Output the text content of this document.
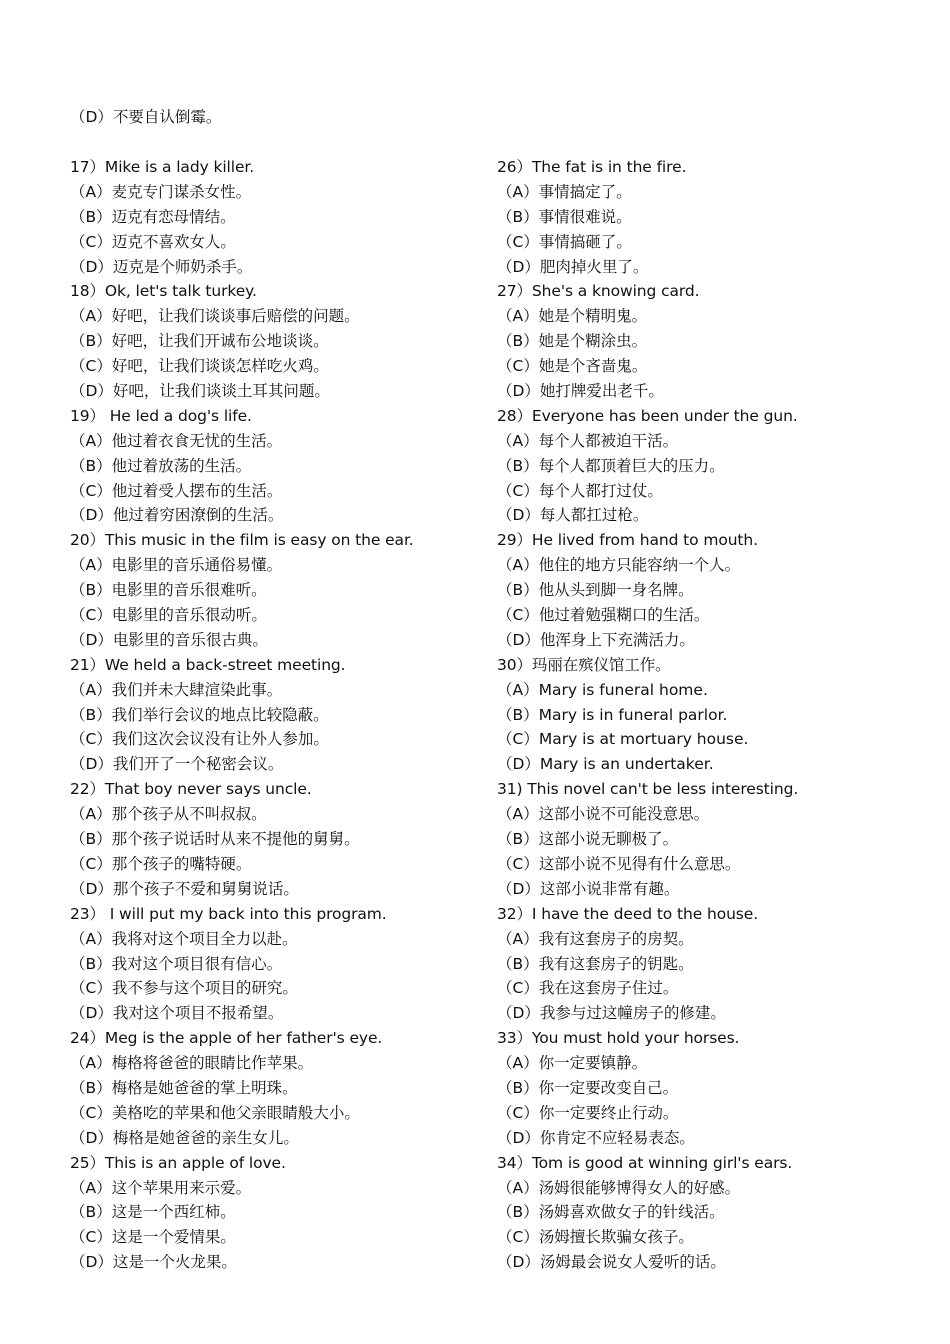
（D）不要自认倒霉。
17）Mike is a lady killer.
（A）麦克专门谋杀女性。
（B）迈克有恋母情结。
（C）迈克不喜欢女人。
（D）迈克是个师奶杀手。
18）Ok, let's talk turkey.
（A）好吧，让我们谈谈事后赔偿的问题。
（B）好吧，让我们开诚布公地谈谈。
（C）好吧，让我们谈谈怎样吃火鸡。
（D）好吧，让我们谈谈土耳其问题。
19） He led a dog's life.
（A）他过着衣食无忧的生活。
（B）他过着放荡的生活。
（C）他过着受人摆布的生活。
（D）他过着穷困潦倒的生活。
20）This music in the film is easy on the ear.
（A）电影里的音乐通俗易懂。
（B）电影里的音乐很难听。
（C）电影里的音乐很动听。
（D）电影里的音乐很古典。
21）We held a back-street meeting.
（A）我们并未大肆渲染此事。
（B）我们举行会议的地点比较隐蔽。
（C）我们这次会议没有让外人参加。
（D）我们开了一个秘密会议。
22）That boy never says uncle.
（A）那个孩子从不叫叔叔。
（B）那个孩子说话时从来不提他的舅舅。
（C）那个孩子的嘴特硬。
（D）那个孩子不爱和舅舅说话。
23） I will put my back into this program.
（A）我将对这个项目全力以赴。
（B）我对这个项目很有信心。
（C）我不参与这个项目的研究。
（D）我对这个项目不报希望。
24）Meg is the apple of her father's eye.
（A）梅格将爸爸的眼睛比作苹果。
（B）梅格是她爸爸的掌上明珠。
（C）美格吃的苹果和他父亲眼睛般大小。
（D）梅格是她爸爸的亲生女儿。
25）This is an apple of love.
（A）这个苹果用来示爱。
（B）这是一个西红柿。
（C）这是一个爱情果。
（D）这是一个火龙果。
26）The fat is in the fire.
（A）事情搞定了。
（B）事情很难说。
（C）事情搞砸了。
（D）肥肉掉火里了。
27）She's a knowing card.
（A）她是个精明鬼。
（B）她是个糊涂虫。
（C）她是个吝啬鬼。
（D）她打牌爱出老千。
28）Everyone has been under the gun.
（A）每个人都被迫干活。
（B）每个人都顶着巨大的压力。
（C）每个人都打过仗。
（D）每人都扛过枪。
29）He lived from hand to mouth.
（A）他住的地方只能容纳一个人。
（B）他从头到脚一身名牌。
（C）他过着勉强糊口的生活。
（D）他浑身上下充满活力。
30）玛丽在殡仪馆工作。
（A）Mary is funeral home.
（B）Mary is in funeral parlor.
（C）Mary is at mortuary house.
（D）Mary is an undertaker.
31) This novel can't be less interesting.
（A）这部小说不可能没意思。
（B）这部小说无聊极了。
（C）这部小说不见得有什么意思。
（D）这部小说非常有趣。
32）I have the deed to the house.
（A）我有这套房子的房契。
（B）我有这套房子的钥匙。
（C）我在这套房子住过。
（D）我参与过这幢房子的修建。
33）You must hold your horses.
（A）你一定要镇静。
（B）你一定要改变自己。
（C）你一定要终止行动。
（D）你肯定不应轻易表态。
34）Tom is good at winning girl's ears.
（A）汤姆很能够博得女人的好感。
（B）汤姆喜欢做女子的针线活。
（C）汤姆擅长欺骗女孩子。
（D）汤姆最会说女人爱听的话。
